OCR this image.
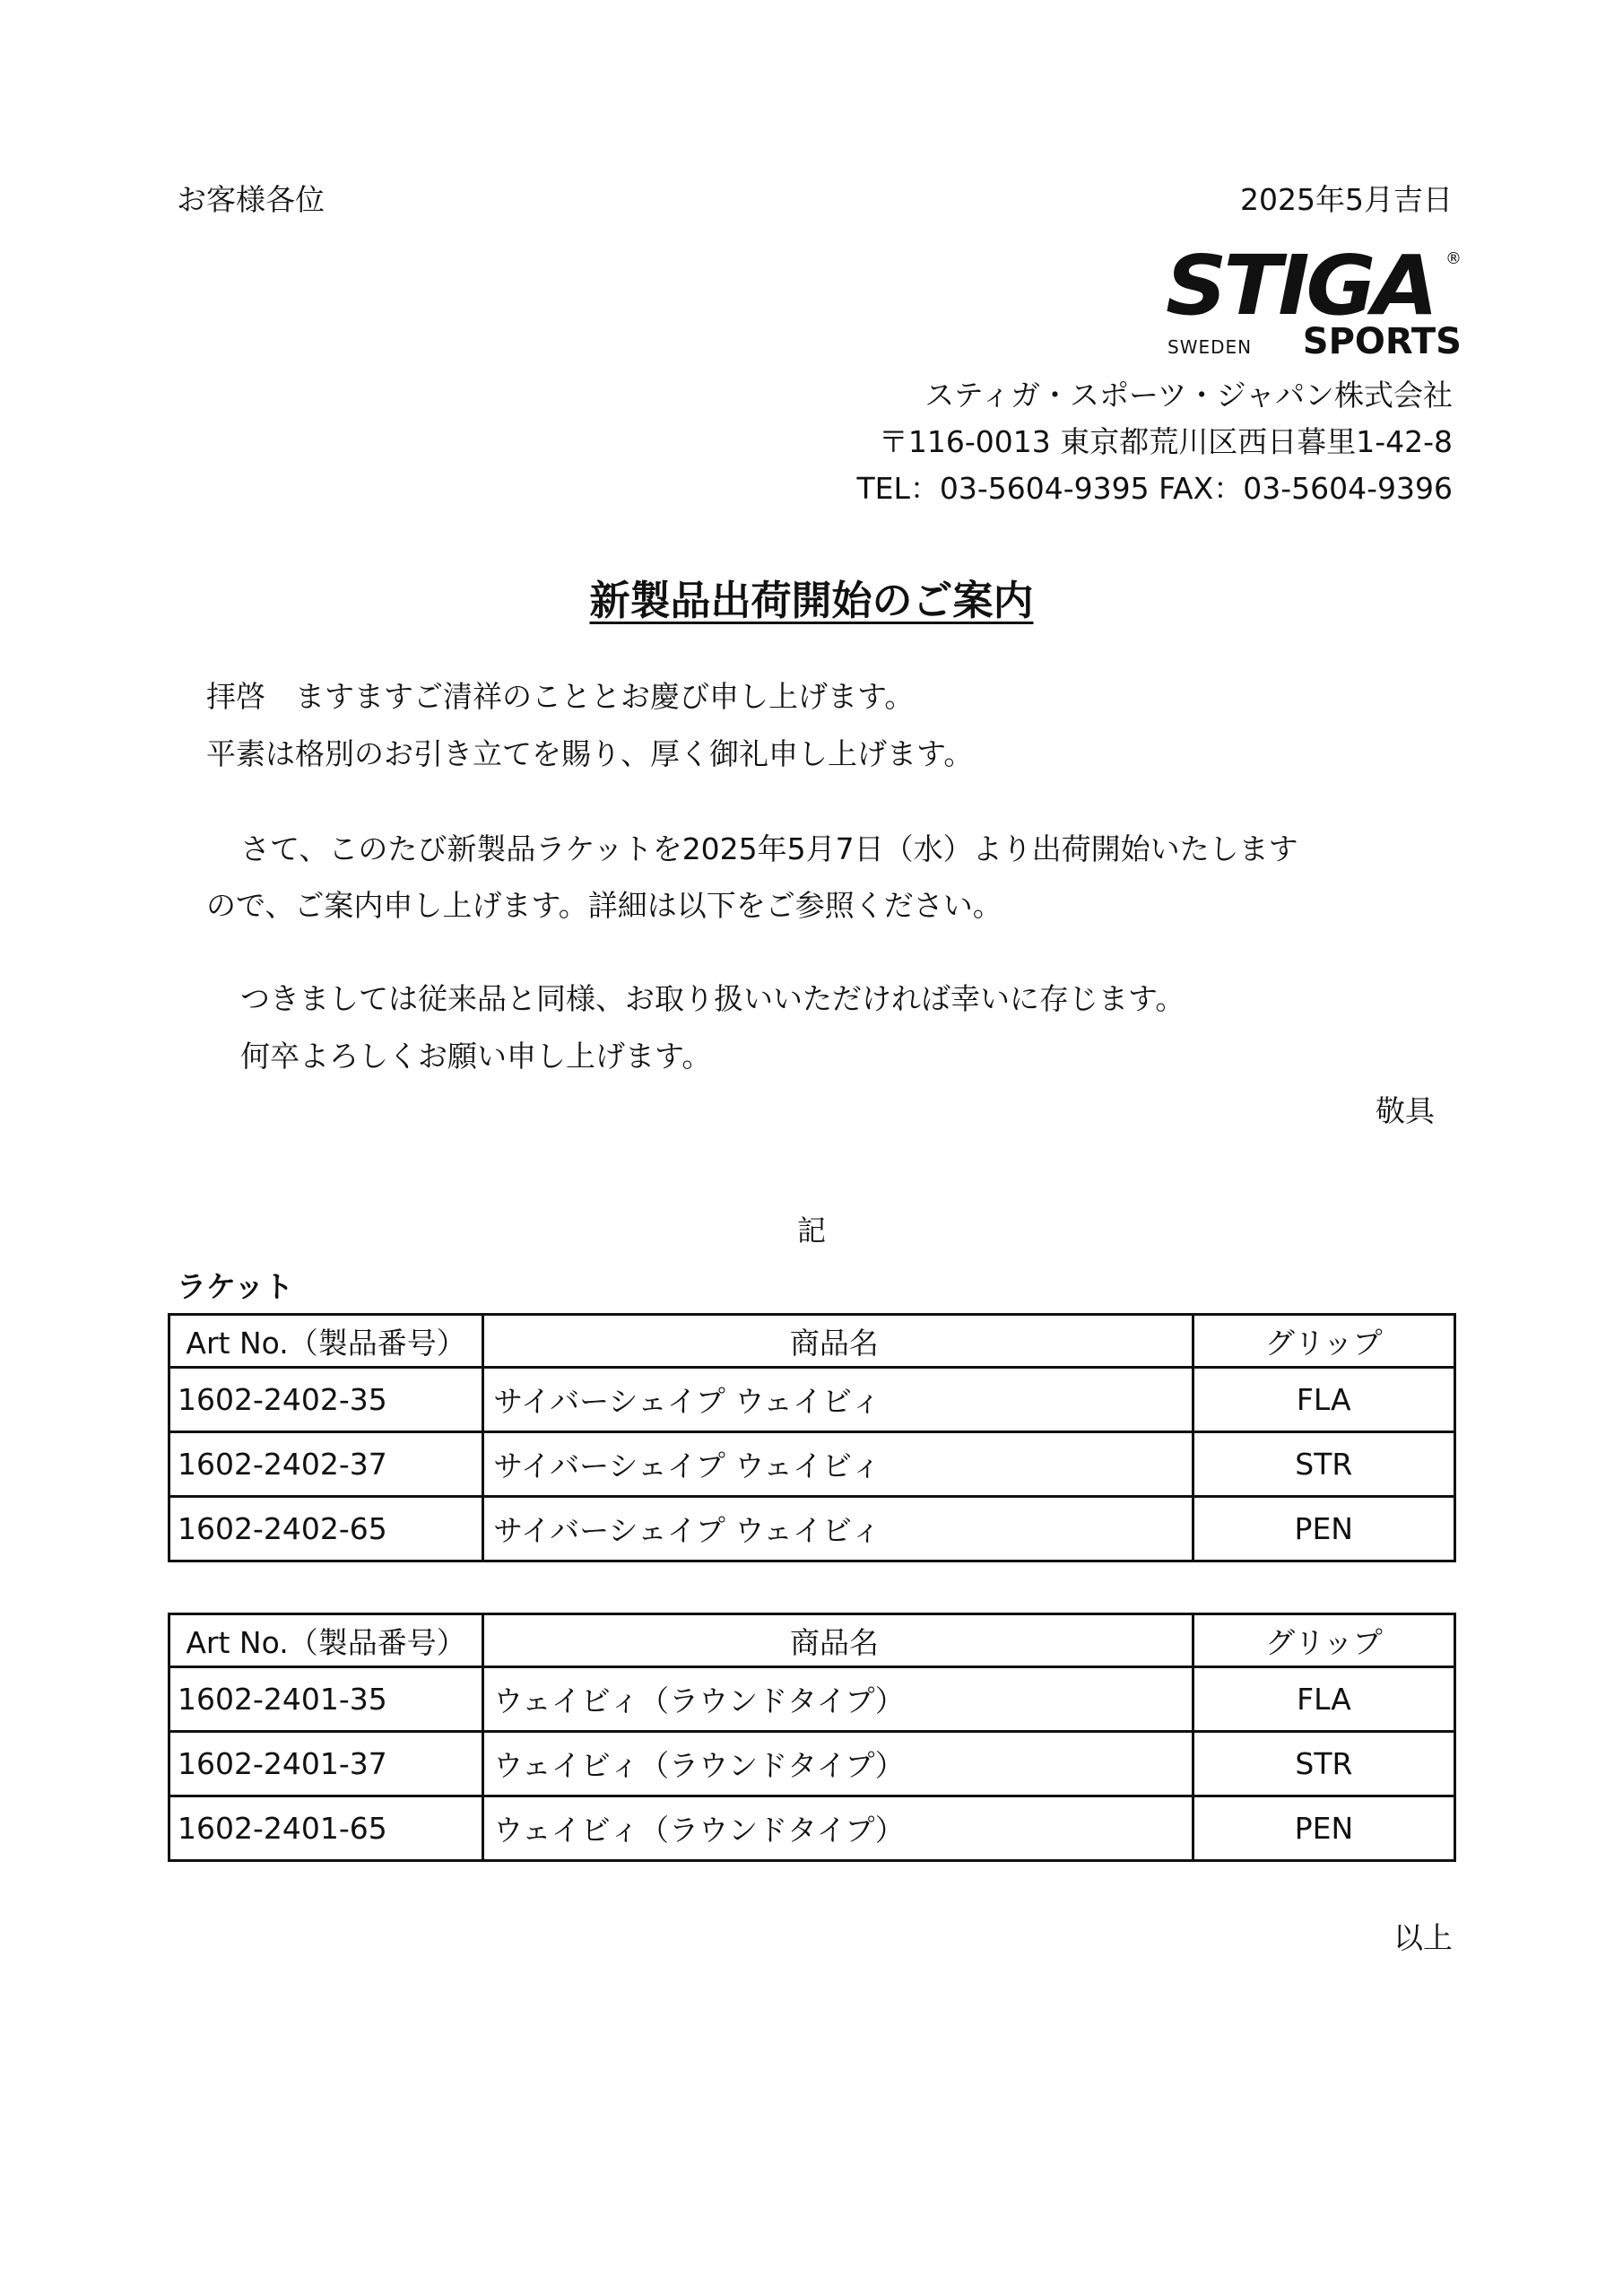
お客様各位	2025年5月吉日
STIGA ®
SWEDEN SPORTS
スティガ・スポーツ・ジャパン株式会社
〒116-0013 東京都荒川区西日暮里1-42-8
TEL：03-5604-9395 FAX：03-5604-9396
新製品出荷開始のご案内
拝啓　ますますご清祥のこととお慶び申し上げます。
平素は格別のお引き立てを賜り、厚く御礼申し上げます。
さて、このたび新製品ラケットを2025年5月7日（水）より出荷開始いたします
ので、ご案内申し上げます。詳細は以下をご参照ください。
つきましては従来品と同様、お取り扱いいただければ幸いに存じます。
何卒よろしくお願い申し上げます。
敬具
記
ラケット
Art No.（製品番号）	商品名	グリップ
1602-2402-35	サイバーシェイプ ウェイビィ	FLA
1602-2402-37	サイバーシェイプ ウェイビィ	STR
1602-2402-65	サイバーシェイプ ウェイビィ	PEN
Art No.（製品番号）	商品名	グリップ
1602-2401-35	ウェイビィ（ラウンドタイプ）	FLA
1602-2401-37	ウェイビィ（ラウンドタイプ）	STR
1602-2401-65	ウェイビィ（ラウンドタイプ）	PEN
以上
